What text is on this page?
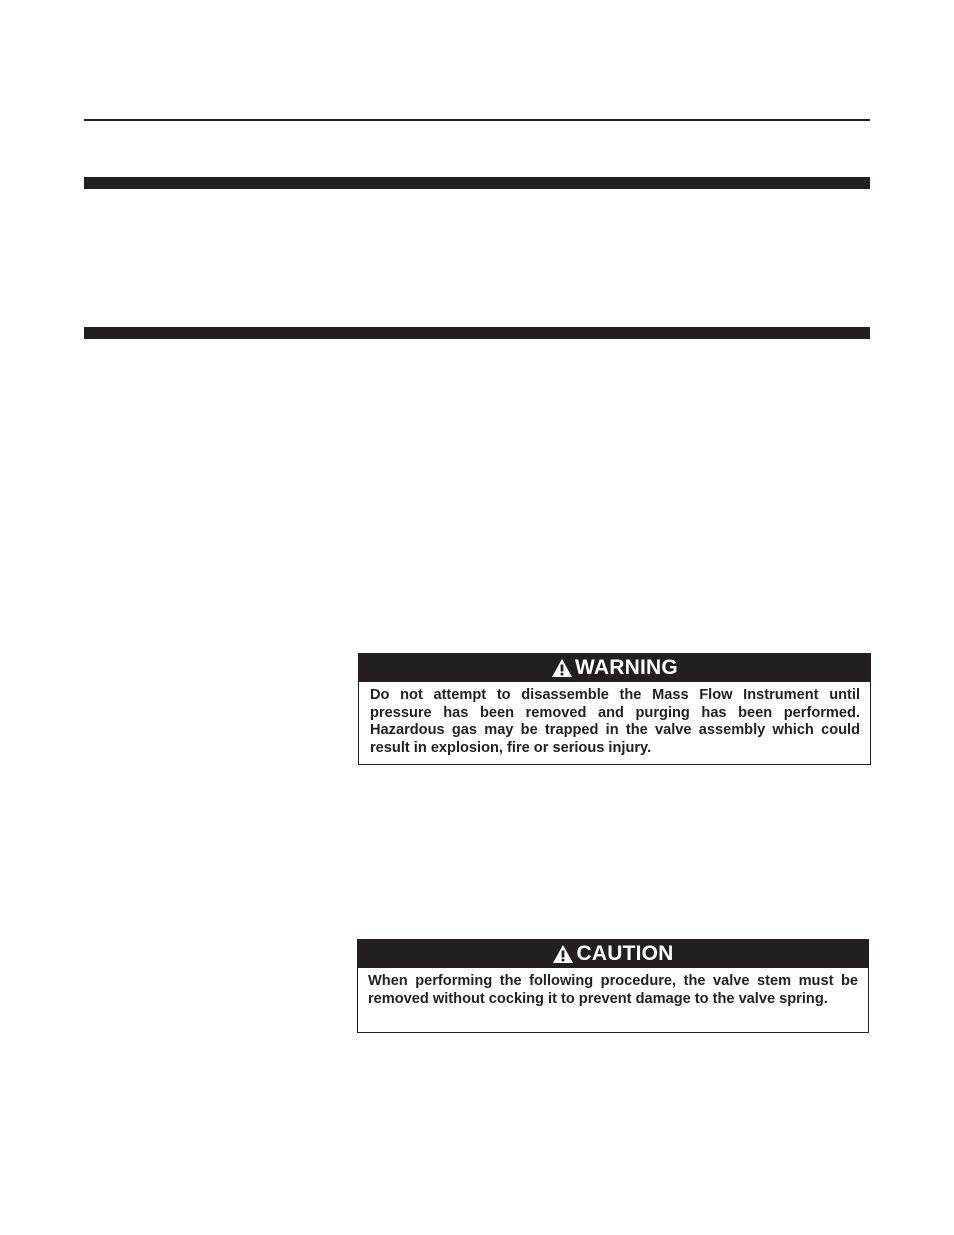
WARNING
Do not attempt to disassemble the Mass Flow Instrument until pressure has been removed and purging has been performed. Hazardous gas may be trapped in the valve assembly which could result in explosion, fire or serious injury.
CAUTION
When performing the following procedure, the valve stem must be removed without cocking it to prevent damage to the valve spring.
